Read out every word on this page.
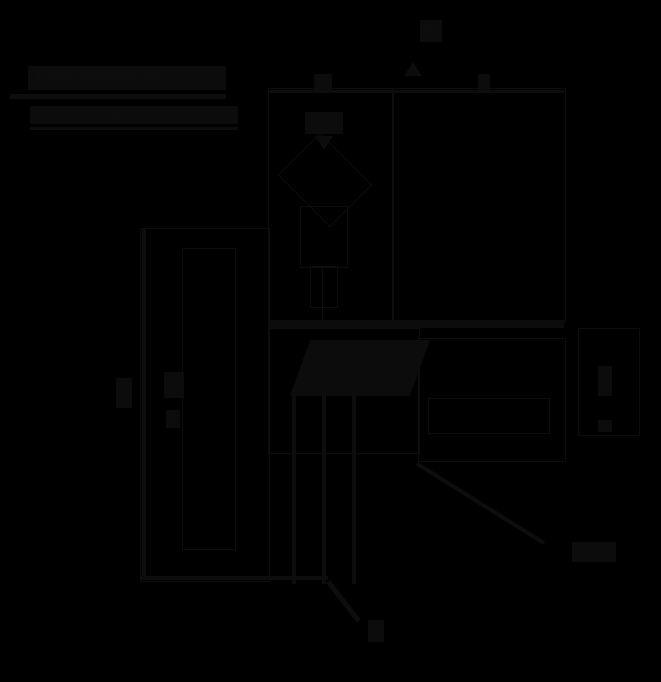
Architecture Overview
system block diagram
B
L
A
V
1
2
3
R
r
tag
S
